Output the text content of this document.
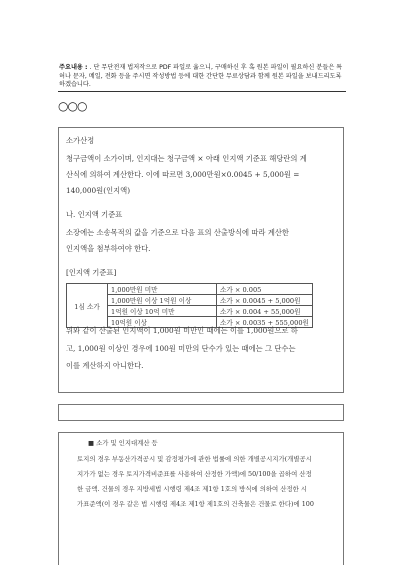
주요내용 : . 단 무단전재 법저작으로 PDF 파일로 옮으니, 구매하신 후 혹 원본 파일이 필요하신 분들은 특허나 문자, 메일, 전화 등을 주시면 작성방법 등에 대한 간단한 무료상담과 함께 원본 파일을 보내드리도록 하겠습니다.
○○○
소가산정
청구금액이 소가이며, 인지대는 청구금액 × 아래 인지액 기준표 해당란의 계
산식에 의하여 계산한다. 이에 따르면 3,000만원×0.0045 + 5,000원 =
140,000원(인지액)
나. 인지액 기준표
소장에는 소송목적의 값을 기준으로 다음 표의 산출방식에 따라 계산한
인지액을 첨부하여야 한다.
[인지액 기준표]
1심 소가	1,000만원 미만	소가 × 0.005
	1,000만원 이상 1억원 이상	소가 × 0.0045 + 5,000원
	1억원 이상 10억 미만	소가 × 0.004 + 55,000원
	10억원 이상	소가 × 0.0035 + 555,000원
위와 같이 산출된 인지액이 1,000원 미만인 때에는 이를 1,000원으로 하
고, 1,000원 이상인 경우에 100원 미만의 단수가 있는 때에는 그 단수는
이를 계산하지 아니한다.
■ 소가 및 인지대계산 등
토지의 경우 부동산가격공시 및 감정평가에 관한 법률에 의한 개별공시지가(개별공시
지가가 없는 경우 토지가격비준표를 사용하여 산정한 가액)에 50/100을 곱하여 산정
한 금액. 건물의 경우 지방세법 시행령 제4조 제1항 1호의 방식에 의하여 산정한 시
가표준액(이 경우 같은 법 시행령 제4조 제1항 제1호의 건축물은 건물로 한다)에 100
